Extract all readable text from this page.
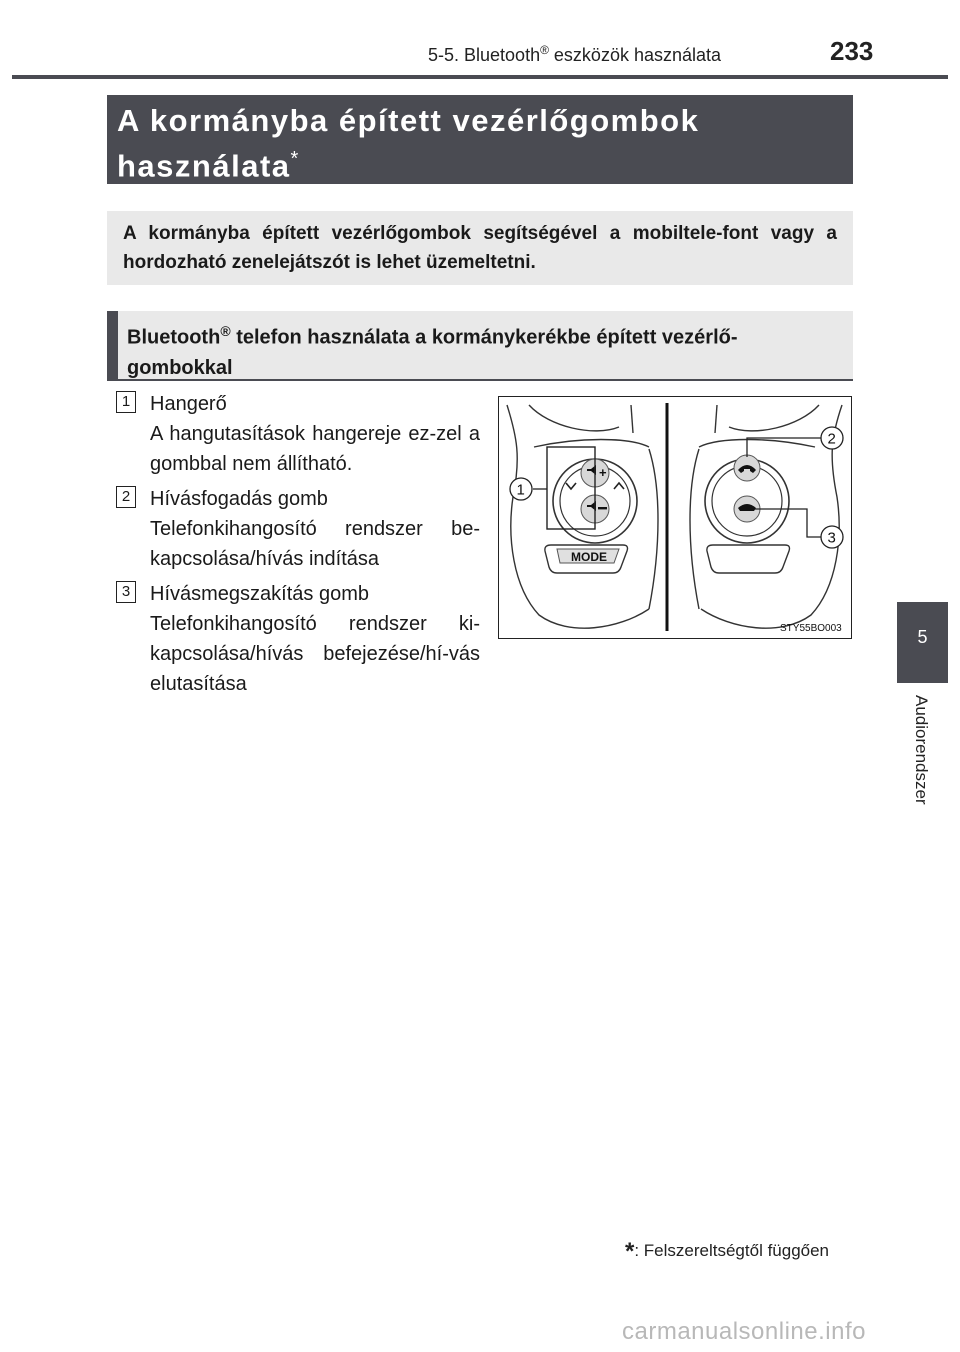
5-5. Bluetooth® eszközök használata	233
A kormányba épített vezérlőgombok
használata*
A kormányba épített vezérlőgombok segítségével a mobiltele-font vagy a hordozható zenelejátszót is lehet üzemeltetni.
Bluetooth® telefon használata a kormánykerékbe épített vezérlő-gombokkal
1 Hangerő
A hangutasítások hangereje ez-zel a gombbal nem állítható.
2 Hívásfogadás gomb
Telefonkihangosító rendszer be-kapcsolása/hívás indítása
3 Hívásmegszakítás gomb
Telefonkihangosító rendszer ki-kapcsolása/hívás befejezése/hí-vás elutasítása
+
MODE
1
2
3
STY55BO003
*: Felszereltségtől függően
5
Audiorendszer
carmanualsonline.info
